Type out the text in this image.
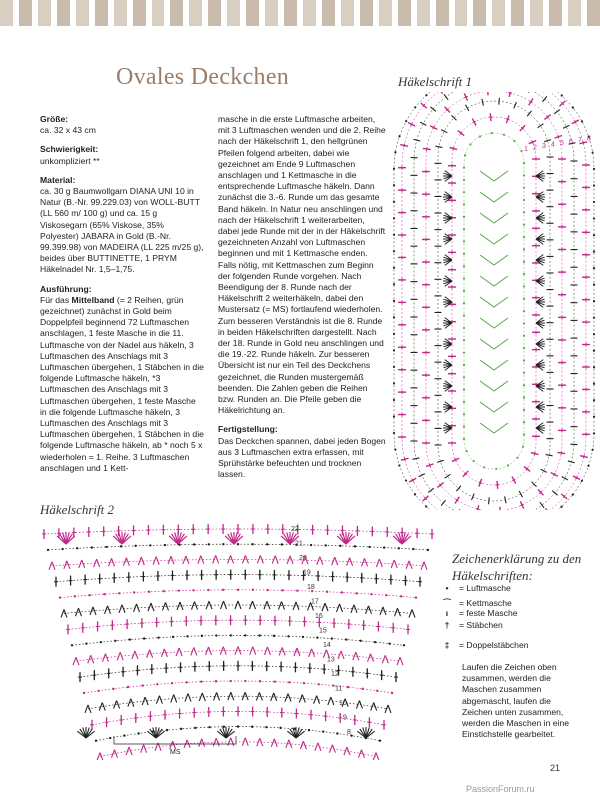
Ovales Deckchen

Größe:
ca. 32 x 43 cm

Schwierigkeit:
unkompliziert **

Material:
ca. 30 g Baumwollgarn DIANA UNI 10 in Natur (B.-Nr. 99.229.03) von WOLL-BUTT (LL 560 m/ 100 g) und ca. 15 g Viskosegarn (65% Viskose, 35% Polyester) JABARA in Gold (B.-Nr. 99.399.98) von MADEIRA (LL 225 m/25 g), beides über BUTTINETTE, 1 PRYM Häkelnadel Nr. 1,5–1,75.

Ausführung:
Für das Mittelband (= 2 Reihen, grün gezeichnet) zunächst in Gold beim Doppelpfeil beginnend 72 Luftmaschen anschlagen, 1 feste Masche in die 11. Luftmasche von der Nadel aus häkeln, 3 Luftmaschen des Anschlags mit 3 Luftmaschen übergehen, 1 Stäbchen in die folgende Luftmasche häkeln, *3 Luftmaschen des Anschlags mit 3 Luftmaschen übergehen, 1 feste Masche in die folgende Luftmasche häkeln, 3 Luftmaschen des Anschlags mit 3 Luftmaschen übergehen, 1 Stäbchen in die folgende Luftmasche häkeln, ab * noch 5 x wiederholen = 1. Reihe. 3 Luftmaschen anschlagen und 1 Kett-

masche in die erste Luftmasche arbeiten, mit 3 Luftmaschen wenden und die 2. Reihe nach der Häkelschrift 1, den hellgrünen Pfeilen folgend arbeiten, dabei wie gezeichnet am Ende 9 Luftmaschen anschlagen und 1 Kettmasche in die entsprechende Luftmasche häkeln. Dann zunächst die 3.-6. Runde um das gesamte Band häkeln. In Natur neu anschlingen und nach der Häkelschrift 1 weiterarbeiten, dabei jede Runde mit der in der Häkelschrift gezeichneten Anzahl von Luftmaschen beginnen und mit 1 Kettmasche enden. Falls nötig, mit Kettmaschen zum Beginn der folgenden Runde vorgehen. Nach Beendigung der 8. Runde nach der Häkelschrift 2 weiterhäkeln, dabei den Mustersatz (= MS) fortlaufend wiederholen. Zum besseren Verständnis ist die 8. Runde in beiden Häkelschriften dargestellt. Nach der 18. Runde in Gold neu anschlingen und die 19.-22. Runde häkeln. Zur besseren Übersicht ist nur ein Teil des Deckchens gezeichnet, die Runden mustergemäß beenden. Die Zahlen geben die Reihen bzw. Runden an. Die Pfeile geben die Häkelrichtung an.

Fertigstellung:
Das Deckchen spannen, dabei jeden Bogen aus 3 Luftmaschen extra erfassen, mit Sprühstärke befeuchten und trocknen lassen.

Häkelschrift 1
1 2 3 4 5 6 7 8
Häkelschrift 2
22
21
20
19
18
17
16
15
14
13
12
11
10
9
8
MS
Zeichenerklärung zu den Häkelschriften:
•	= Luftmasche
⌒ = Kettmasche
ı	= feste Masche
†	= Stäbchen
‡	= Doppelstäbchen
Laufen die Zeichen oben zusammen, werden die Maschen zusammen abgemascht, laufen die Zeichen unten zusammen, werden die Maschen in eine Einstichstelle gearbeitet.
21
PassionForum.ru
